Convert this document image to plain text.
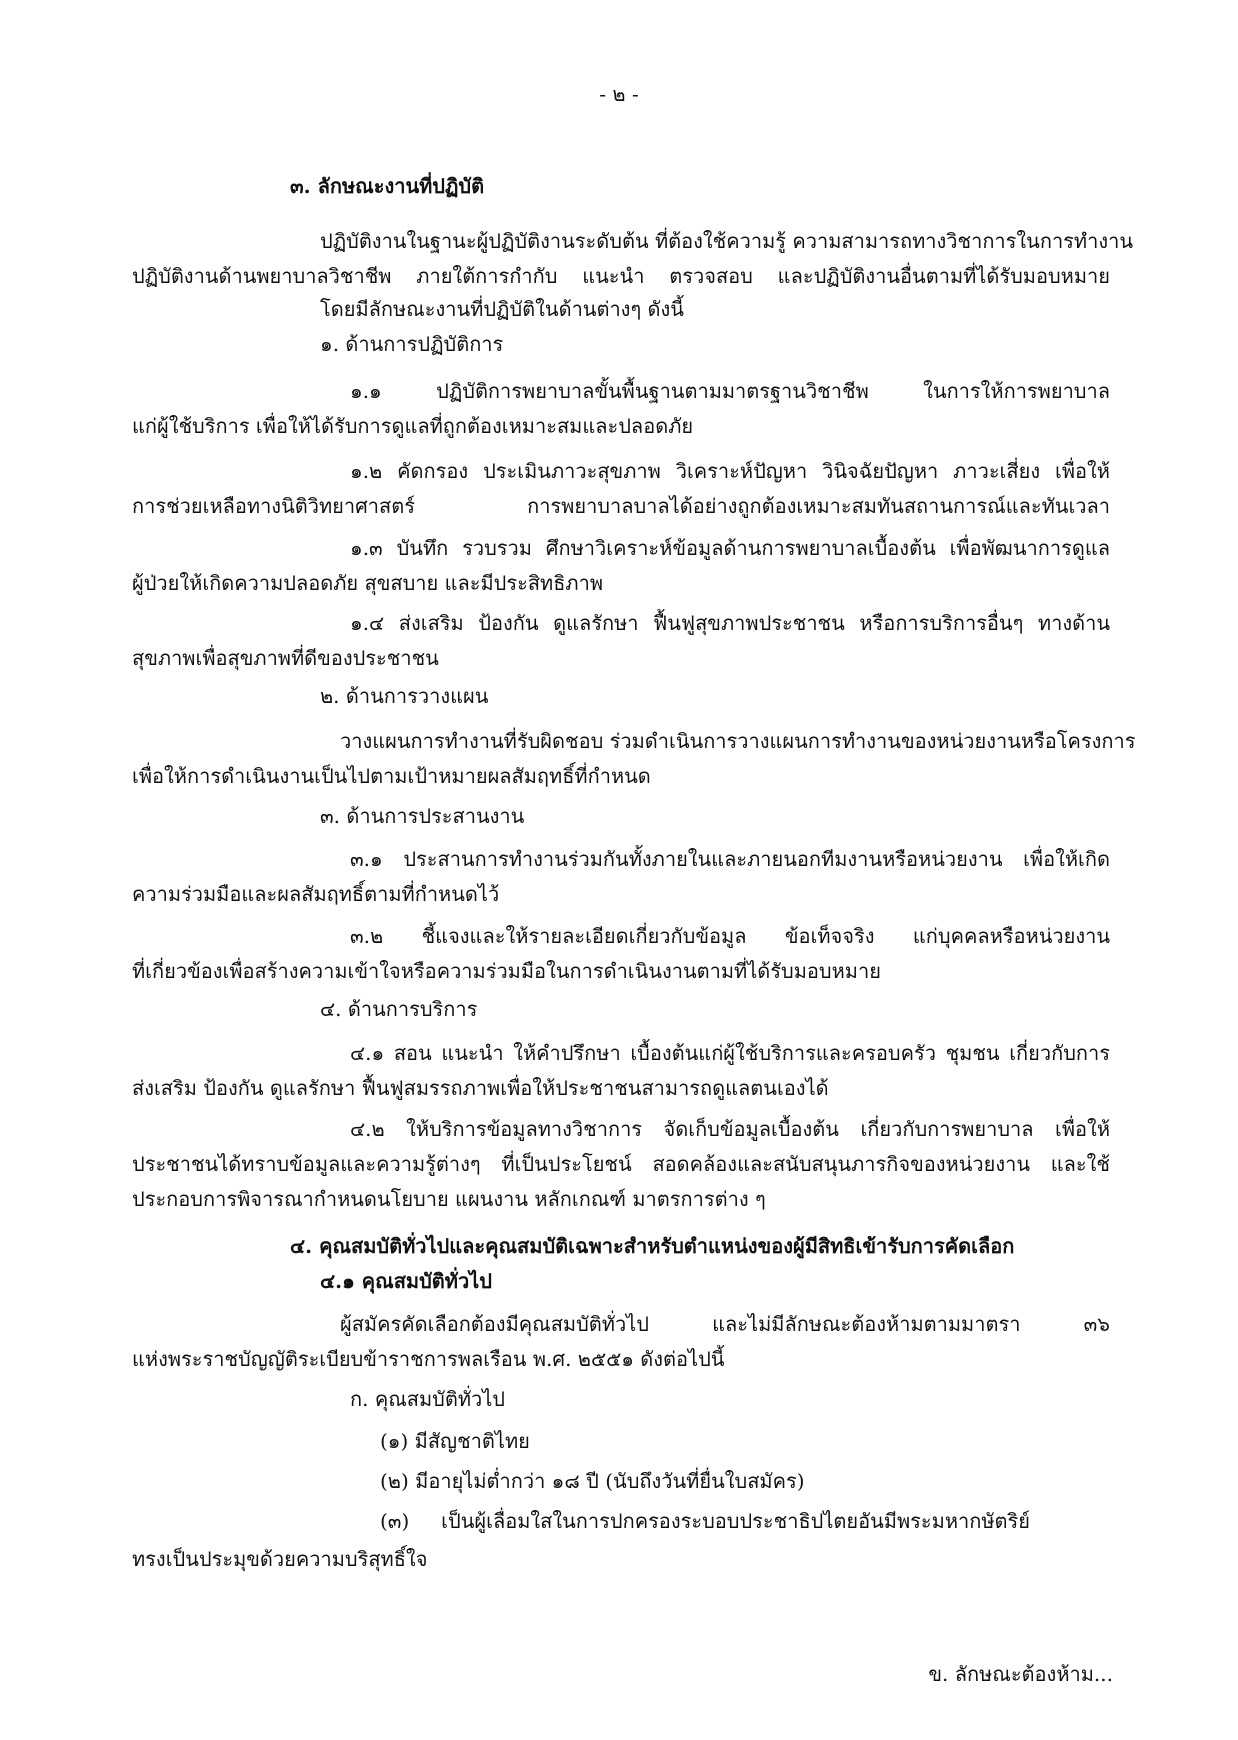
- ๒ -
๓. ลักษณะงานที่ปฏิบัติ
ปฏิบัติงานในฐานะผู้ปฏิบัติงานระดับต้น ที่ต้องใช้ความรู้ ความสามารถทางวิชาการในการทำงาน
ปฏิบัติงานด้านพยาบาลวิชาชีพ ภายใต้การกำกับ แนะนำ ตรวจสอบ และปฏิบัติงานอื่นตามที่ได้รับมอบหมาย
โดยมีลักษณะงานที่ปฏิบัติในด้านต่างๆ ดังนี้
๑. ด้านการปฏิบัติการ
๑.๑ ปฏิบัติการพยาบาลขั้นพื้นฐานตามมาตรฐานวิชาชีพ ในการให้การพยาบาล
แก่ผู้ใช้บริการ เพื่อให้ได้รับการดูแลที่ถูกต้องเหมาะสมและปลอดภัย
๑.๒ คัดกรอง ประเมินภาวะสุขภาพ วิเคราะห์ปัญหา วินิจฉัยปัญหา ภาวะเสี่ยง เพื่อให้
การช่วยเหลือทางนิติวิทยาศาสตร์ การพยาบาลบาลได้อย่างถูกต้องเหมาะสมทันสถานการณ์และทันเวลา
๑.๓ บันทึก รวบรวม ศึกษาวิเคราะห์ข้อมูลด้านการพยาบาลเบื้องต้น เพื่อพัฒนาการดูแล
ผู้ป่วยให้เกิดความปลอดภัย สุขสบาย และมีประสิทธิภาพ
๑.๔ ส่งเสริม ป้องกัน ดูแลรักษา ฟื้นฟูสุขภาพประชาชน หรือการบริการอื่นๆ ทางด้าน
สุขภาพเพื่อสุขภาพที่ดีของประชาชน
๒. ด้านการวางแผน
วางแผนการทำงานที่รับผิดชอบ ร่วมดำเนินการวางแผนการทำงานของหน่วยงานหรือโครงการ
เพื่อให้การดำเนินงานเป็นไปตามเป้าหมายผลสัมฤทธิ์ที่กำหนด
๓. ด้านการประสานงาน
๓.๑ ประสานการทำงานร่วมกันทั้งภายในและภายนอกทีมงานหรือหน่วยงาน เพื่อให้เกิด
ความร่วมมือและผลสัมฤทธิ์ตามที่กำหนดไว้
๓.๒ ชี้แจงและให้รายละเอียดเกี่ยวกับข้อมูล ข้อเท็จจริง แก่บุคคลหรือหน่วยงาน
ที่เกี่ยวข้องเพื่อสร้างความเข้าใจหรือความร่วมมือในการดำเนินงานตามที่ได้รับมอบหมาย
๔. ด้านการบริการ
๔.๑ สอน แนะนำ ให้คำปรึกษา เบื้องต้นแก่ผู้ใช้บริการและครอบครัว ชุมชน เกี่ยวกับการ
ส่งเสริม ป้องกัน ดูแลรักษา ฟื้นฟูสมรรถภาพเพื่อให้ประชาชนสามารถดูแลตนเองได้
๔.๒ ให้บริการข้อมูลทางวิชาการ จัดเก็บข้อมูลเบื้องต้น เกี่ยวกับการพยาบาล เพื่อให้
ประชาชนได้ทราบข้อมูลและความรู้ต่างๆ ที่เป็นประโยชน์ สอดคล้องและสนับสนุนภารกิจของหน่วยงาน และใช้
ประกอบการพิจารณากำหนดนโยบาย แผนงาน หลักเกณฑ์ มาตรการต่าง ๆ
๔. คุณสมบัติทั่วไปและคุณสมบัติเฉพาะสำหรับตำแหน่งของผู้มีสิทธิเข้ารับการคัดเลือก
๔.๑ คุณสมบัติทั่วไป
ผู้สมัครคัดเลือกต้องมีคุณสมบัติทั่วไป และไม่มีลักษณะต้องห้ามตามมาตรา ๓๖
แห่งพระราชบัญญัติระเบียบข้าราชการพลเรือน พ.ศ. ๒๕๕๑ ดังต่อไปนี้
ก. คุณสมบัติทั่วไป
(๑) มีสัญชาติไทย
(๒) มีอายุไม่ต่ำกว่า ๑๘ ปี (นับถึงวันที่ยื่นใบสมัคร)
(๓) เป็นผู้เลื่อมใสในการปกครองระบอบประชาธิปไตยอันมีพระมหากษัตริย์
ทรงเป็นประมุขด้วยความบริสุทธิ์ใจ
ข. ลักษณะต้องห้าม...
